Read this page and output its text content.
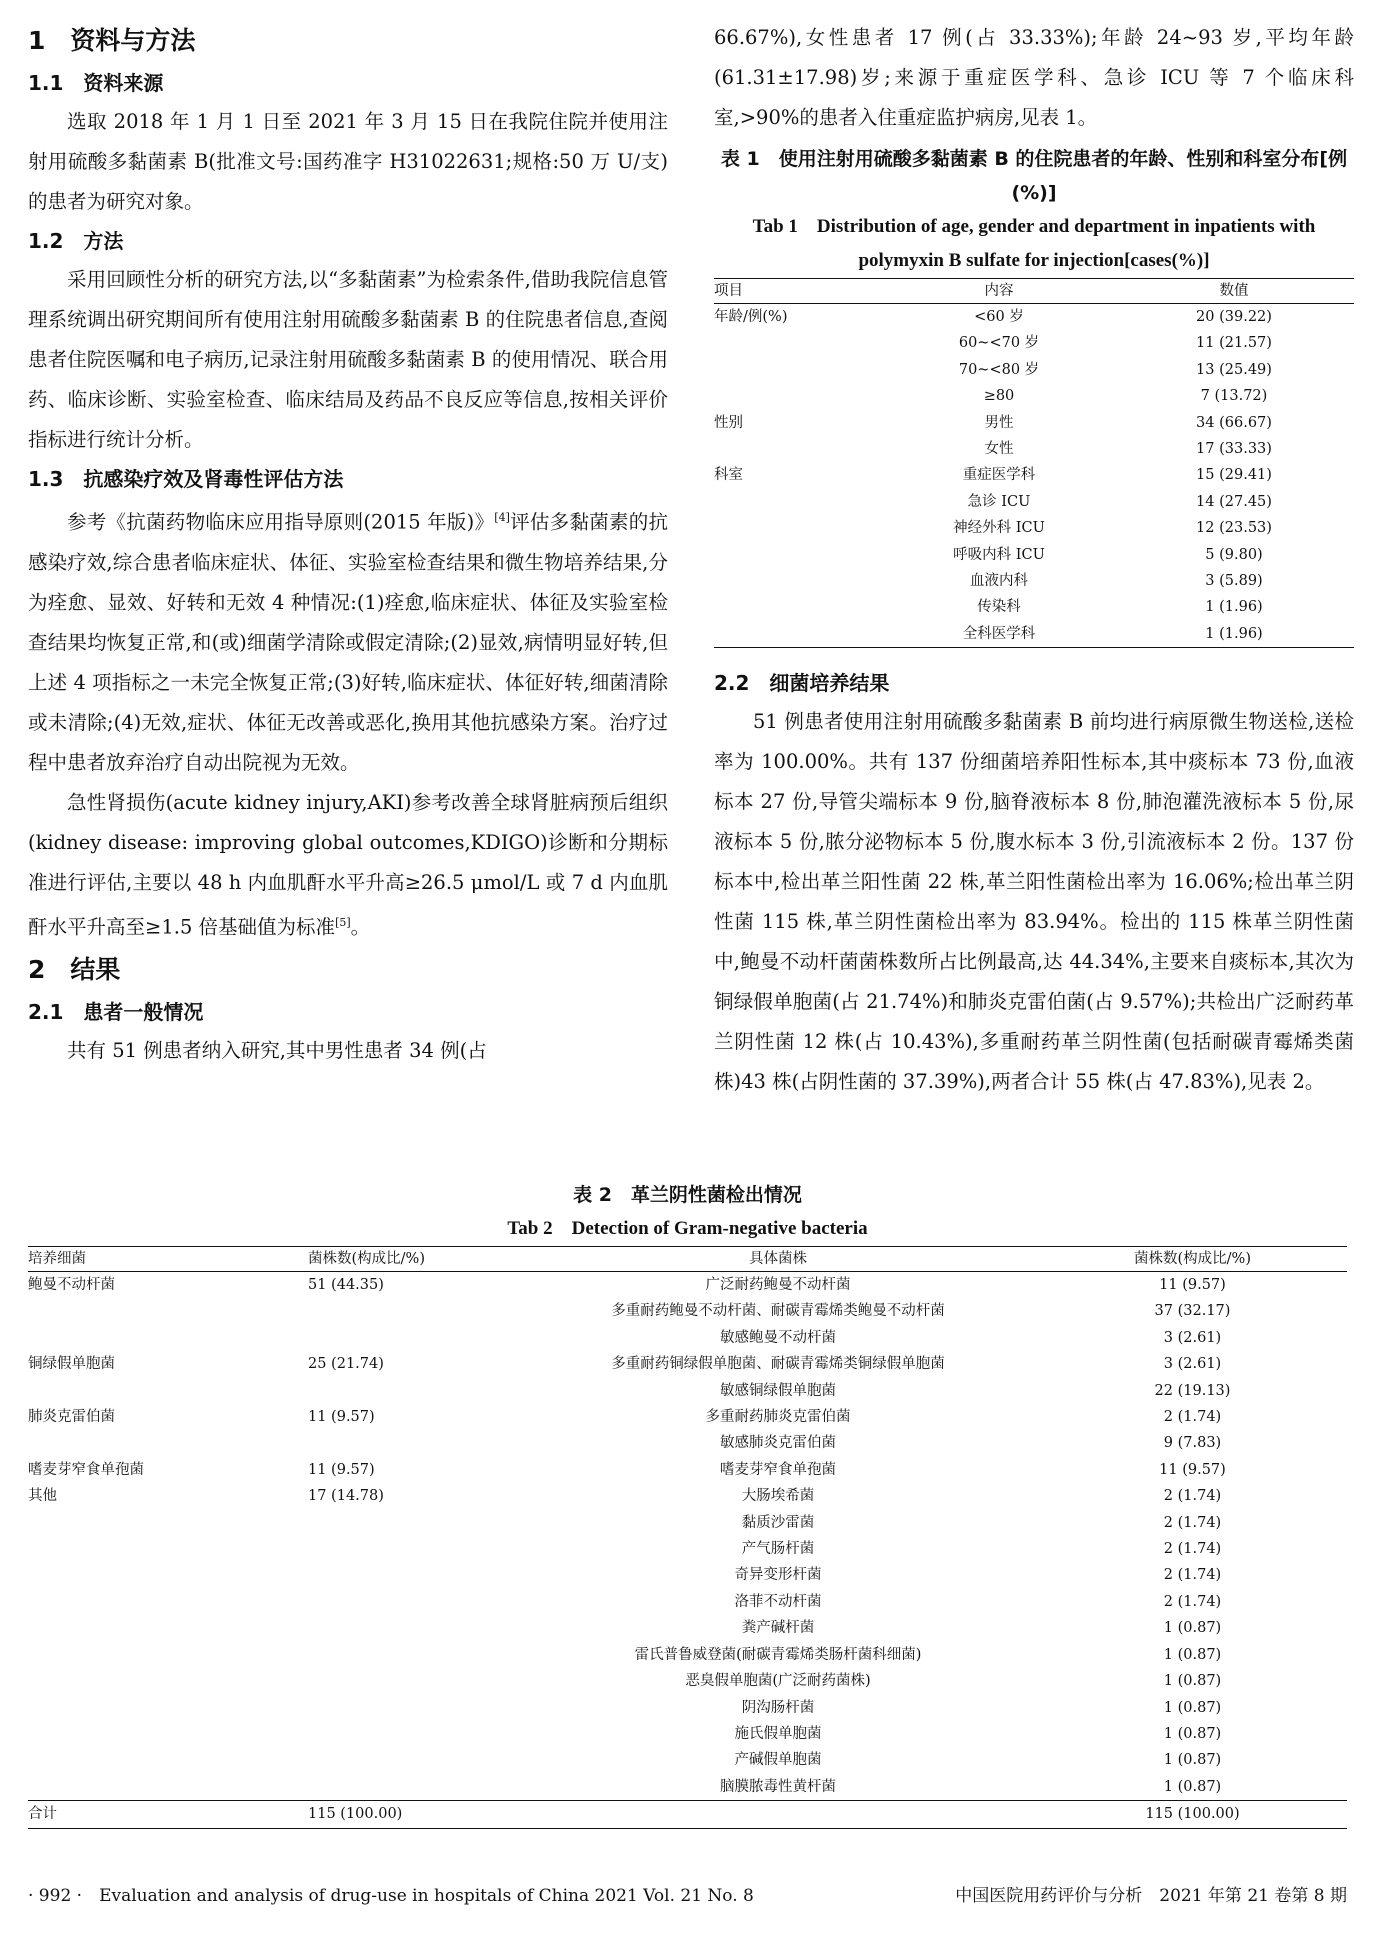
1　资料与方法
1.1　资料来源

选取 2018 年 1 月 1 日至 2021 年 3 月 15 日在我院住院并使用注射用硫酸多黏菌素 B(批准文号:国药准字 H31022631;规格:50 万 U/支)的患者为研究对象。

1.2　方法

采用回顾性分析的研究方法,以“多黏菌素”为检索条件,借助我院信息管理系统调出研究期间所有使用注射用硫酸多黏菌素 B 的住院患者信息,查阅患者住院医嘱和电子病历,记录注射用硫酸多黏菌素 B 的使用情况、联合用药、临床诊断、实验室检查、临床结局及药品不良反应等信息,按相关评价指标进行统计分析。

1.3　抗感染疗效及肾毒性评估方法

参考《抗菌药物临床应用指导原则(2015 年版)》[4]评估多黏菌素的抗感染疗效,综合患者临床症状、体征、实验室检查结果和微生物培养结果,分为痊愈、显效、好转和无效 4 种情况:(1)痊愈,临床症状、体征及实验室检查结果均恢复正常,和(或)细菌学清除或假定清除;(2)显效,病情明显好转,但上述 4 项指标之一未完全恢复正常;(3)好转,临床症状、体征好转,细菌清除或未清除;(4)无效,症状、体征无改善或恶化,换用其他抗感染方案。治疗过程中患者放弃治疗自动出院视为无效。

急性肾损伤(acute kidney injury,AKI)参考改善全球肾脏病预后组织(kidney disease: improving global outcomes,KDIGO)诊断和分期标准进行评估,主要以 48 h 内血肌酐水平升高≥26.5 μmol/L 或 7 d 内血肌酐水平升高至≥1.5 倍基础值为标准[5]。

2　结果
2.1　患者一般情况

共有 51 例患者纳入研究,其中男性患者 34 例(占

66.67%),女性患者 17 例(占 33.33%);年龄 24~93 岁,平均年龄(61.31±17.98)岁;来源于重症医学科、急诊 ICU 等 7 个临床科室,>90%的患者入住重症监护病房,见表 1。

表 1　使用注射用硫酸多黏菌素 B 的住院患者的年龄、性别和科室分布[例(%)]
Tab 1　Distribution of age, gender and department in inpatients with polymyxin B sulfate for injection[cases(%)]
项目	内容	数值
年龄/例(%)	<60 岁	20 (39.22)
	60~<70 岁	11 (21.57)
	70~<80 岁	13 (25.49)
	≥80	7 (13.72)
性别	男性	34 (66.67)
	女性	17 (33.33)
科室	重症医学科	15 (29.41)
	急诊 ICU	14 (27.45)
	神经外科 ICU	12 (23.53)
	呼吸内科 ICU	5 (9.80)
	血液内科	3 (5.89)
	传染科	1 (1.96)
	全科医学科	1 (1.96)
2.2　细菌培养结果

51 例患者使用注射用硫酸多黏菌素 B 前均进行病原微生物送检,送检率为 100.00%。共有 137 份细菌培养阳性标本,其中痰标本 73 份,血液标本 27 份,导管尖端标本 9 份,脑脊液标本 8 份,肺泡灌洗液标本 5 份,尿液标本 5 份,脓分泌物标本 5 份,腹水标本 3 份,引流液标本 2 份。137 份标本中,检出革兰阳性菌 22 株,革兰阳性菌检出率为 16.06%;检出革兰阴性菌 115 株,革兰阴性菌检出率为 83.94%。检出的 115 株革兰阴性菌中,鲍曼不动杆菌菌株数所占比例最高,达 44.34%,主要来自痰标本,其次为铜绿假单胞菌(占 21.74%)和肺炎克雷伯菌(占 9.57%);共检出广泛耐药革兰阴性菌 12 株(占 10.43%),多重耐药革兰阴性菌(包括耐碳青霉烯类菌株)43 株(占阴性菌的 37.39%),两者合计 55 株(占 47.83%),见表 2。

表 2　革兰阴性菌检出情况
Tab 2　Detection of Gram-negative bacteria
培养细菌	菌株数(构成比/%)	具体菌株	菌株数(构成比/%)
鲍曼不动杆菌	51 (44.35)	广泛耐药鲍曼不动杆菌	11 (9.57)
		多重耐药鲍曼不动杆菌、耐碳青霉烯类鲍曼不动杆菌	37 (32.17)
		敏感鲍曼不动杆菌	3 (2.61)
铜绿假单胞菌	25 (21.74)	多重耐药铜绿假单胞菌、耐碳青霉烯类铜绿假单胞菌	3 (2.61)
		敏感铜绿假单胞菌	22 (19.13)
肺炎克雷伯菌	11 (9.57)	多重耐药肺炎克雷伯菌	2 (1.74)
		敏感肺炎克雷伯菌	9 (7.83)
嗜麦芽窄食单孢菌	11 (9.57)	嗜麦芽窄食单孢菌	11 (9.57)
其他	17 (14.78)	大肠埃希菌	2 (1.74)
		黏质沙雷菌	2 (1.74)
		产气肠杆菌	2 (1.74)
		奇异变形杆菌	2 (1.74)
		洛菲不动杆菌	2 (1.74)
		粪产碱杆菌	1 (0.87)
		雷氏普鲁威登菌(耐碳青霉烯类肠杆菌科细菌)	1 (0.87)
		恶臭假单胞菌(广泛耐药菌株)	1 (0.87)
		阴沟肠杆菌	1 (0.87)
		施氏假单胞菌	1 (0.87)
		产碱假单胞菌	1 (0.87)
		脑膜脓毒性黄杆菌	1 (0.87)
合计	115 (100.00)		115 (100.00)
· 992 ·　Evaluation and analysis of drug-use in hospitals of China 2021 Vol. 21 No. 8	中国医院用药评价与分析　2021 年第 21 卷第 8 期
